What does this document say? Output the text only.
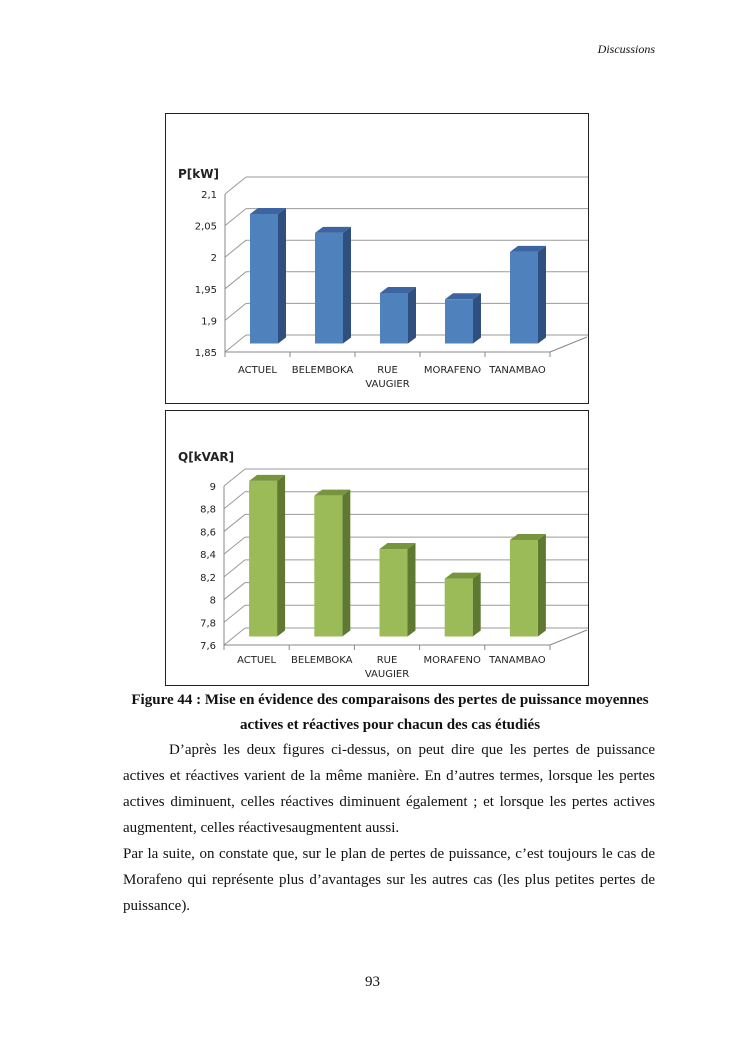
Discussions
P[kW]
1,85
1,9
1,95
2
2,05
2,1
ACTUEL BELEMBOKA RUE
VAUGIER
MORAFENO TANAMBAO
Q[kVAR]
7,6
7,8
8
8,2
8,4
8,6
8,8
9
ACTUEL BELEMBOKA RUE
VAUGIER
MORAFENO TANAMBAO
Figure 44 : Mise en évidence des comparaisons des pertes de puissance moyennes
actives et réactives pour chacun des cas étudiés
D’après les deux figures ci-dessus, on peut dire que les pertes de puissance actives et réactives varient de la même manière. En d’autres termes, lorsque les pertes actives diminuent, celles réactives diminuent également ; et lorsque les pertes actives augmentent, celles réactivesaugmentent aussi.
Par la suite, on constate que, sur le plan de pertes de puissance, c’est toujours le cas de Morafeno qui représente plus d’avantages sur les autres cas (les plus petites pertes de puissance).
93
